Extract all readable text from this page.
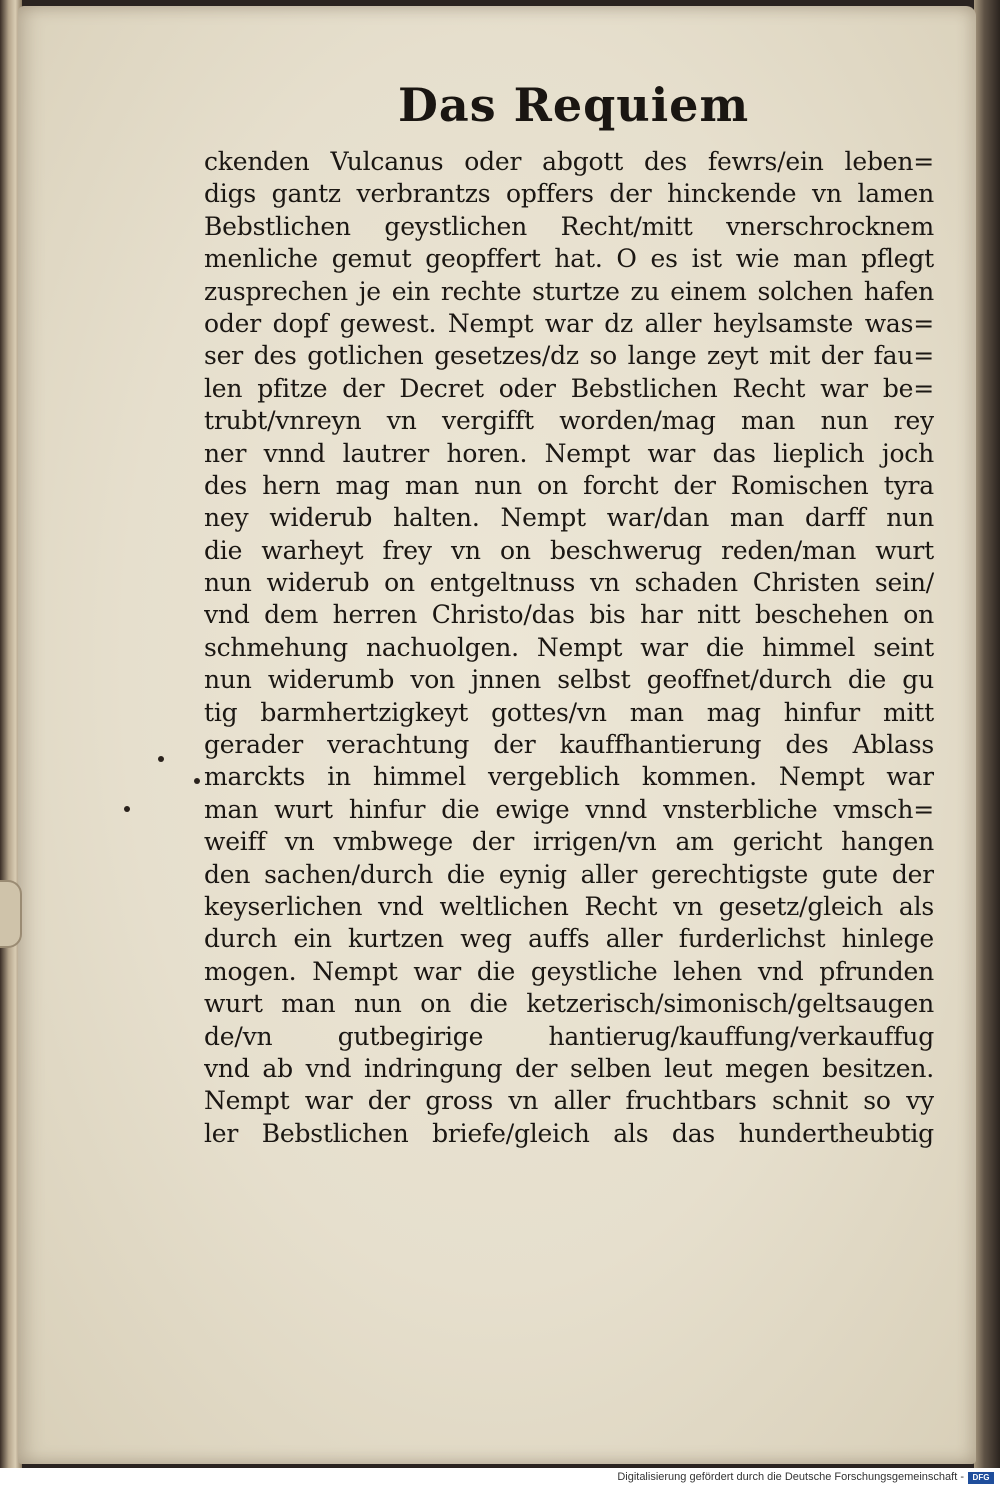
Das Requiem
ckenden Vulcanus oder abgott des fewrs/ein leben=
digs gantz verbrantzs opffers der hinckende vn lamen
Bebstlichen geystlichen Recht/mitt vnerschrocknem
menliche gemut geopffert hat. O es ist wie man pflegt
zusprechen je ein rechte sturtze zu einem solchen hafen
oder dopf gewest. Nempt war dz aller heylsamste was=
ser des gotlichen gesetzes/dz so lange zeyt mit der fau=
len pfitze der Decret oder Bebstlichen Recht war be=
trubt/vnreyn vn vergifft worden/mag man nun rey
ner vnnd lautrer horen. Nempt war das lieplich joch
des hern mag man nun on forcht der Romischen tyra
ney widerub halten. Nempt war/dan man darff nun
die warheyt frey vn on beschwerug reden/man wurt
nun widerub on entgeltnuss vn schaden Christen sein/
vnd dem herren Christo/das bis har nitt beschehen on
schmehung nachuolgen. Nempt war die himmel seint
nun widerumb von jnnen selbst geoffnet/durch die gu
tig barmhertzigkeyt gottes/vn man mag hinfur mitt
gerader verachtung der kauffhantierung des Ablass
marckts in himmel vergeblich kommen. Nempt war
man wurt hinfur die ewige vnnd vnsterbliche vmsch=
weiff vn vmbwege der irrigen/vn am gericht hangen
den sachen/durch die eynig aller gerechtigste gute der
keyserlichen vnd weltlichen Recht vn gesetz/gleich als
durch ein kurtzen weg auffs aller furderlichst hinlege
mogen. Nempt war die geystliche lehen vnd pfrunden
wurt man nun on die ketzerisch/simonisch/geltsaugen
de/vn gutbegirige hantierug/kauffung/verkauffug
vnd ab vnd indringung der selben leut megen besitzen.
Nempt war der gross vn aller fruchtbars schnit so vy
ler Bebstlichen briefe/gleich als das hundertheubtig
Digitalisierung gefördert durch die Deutsche Forschungsgemeinschaft -	DFG
